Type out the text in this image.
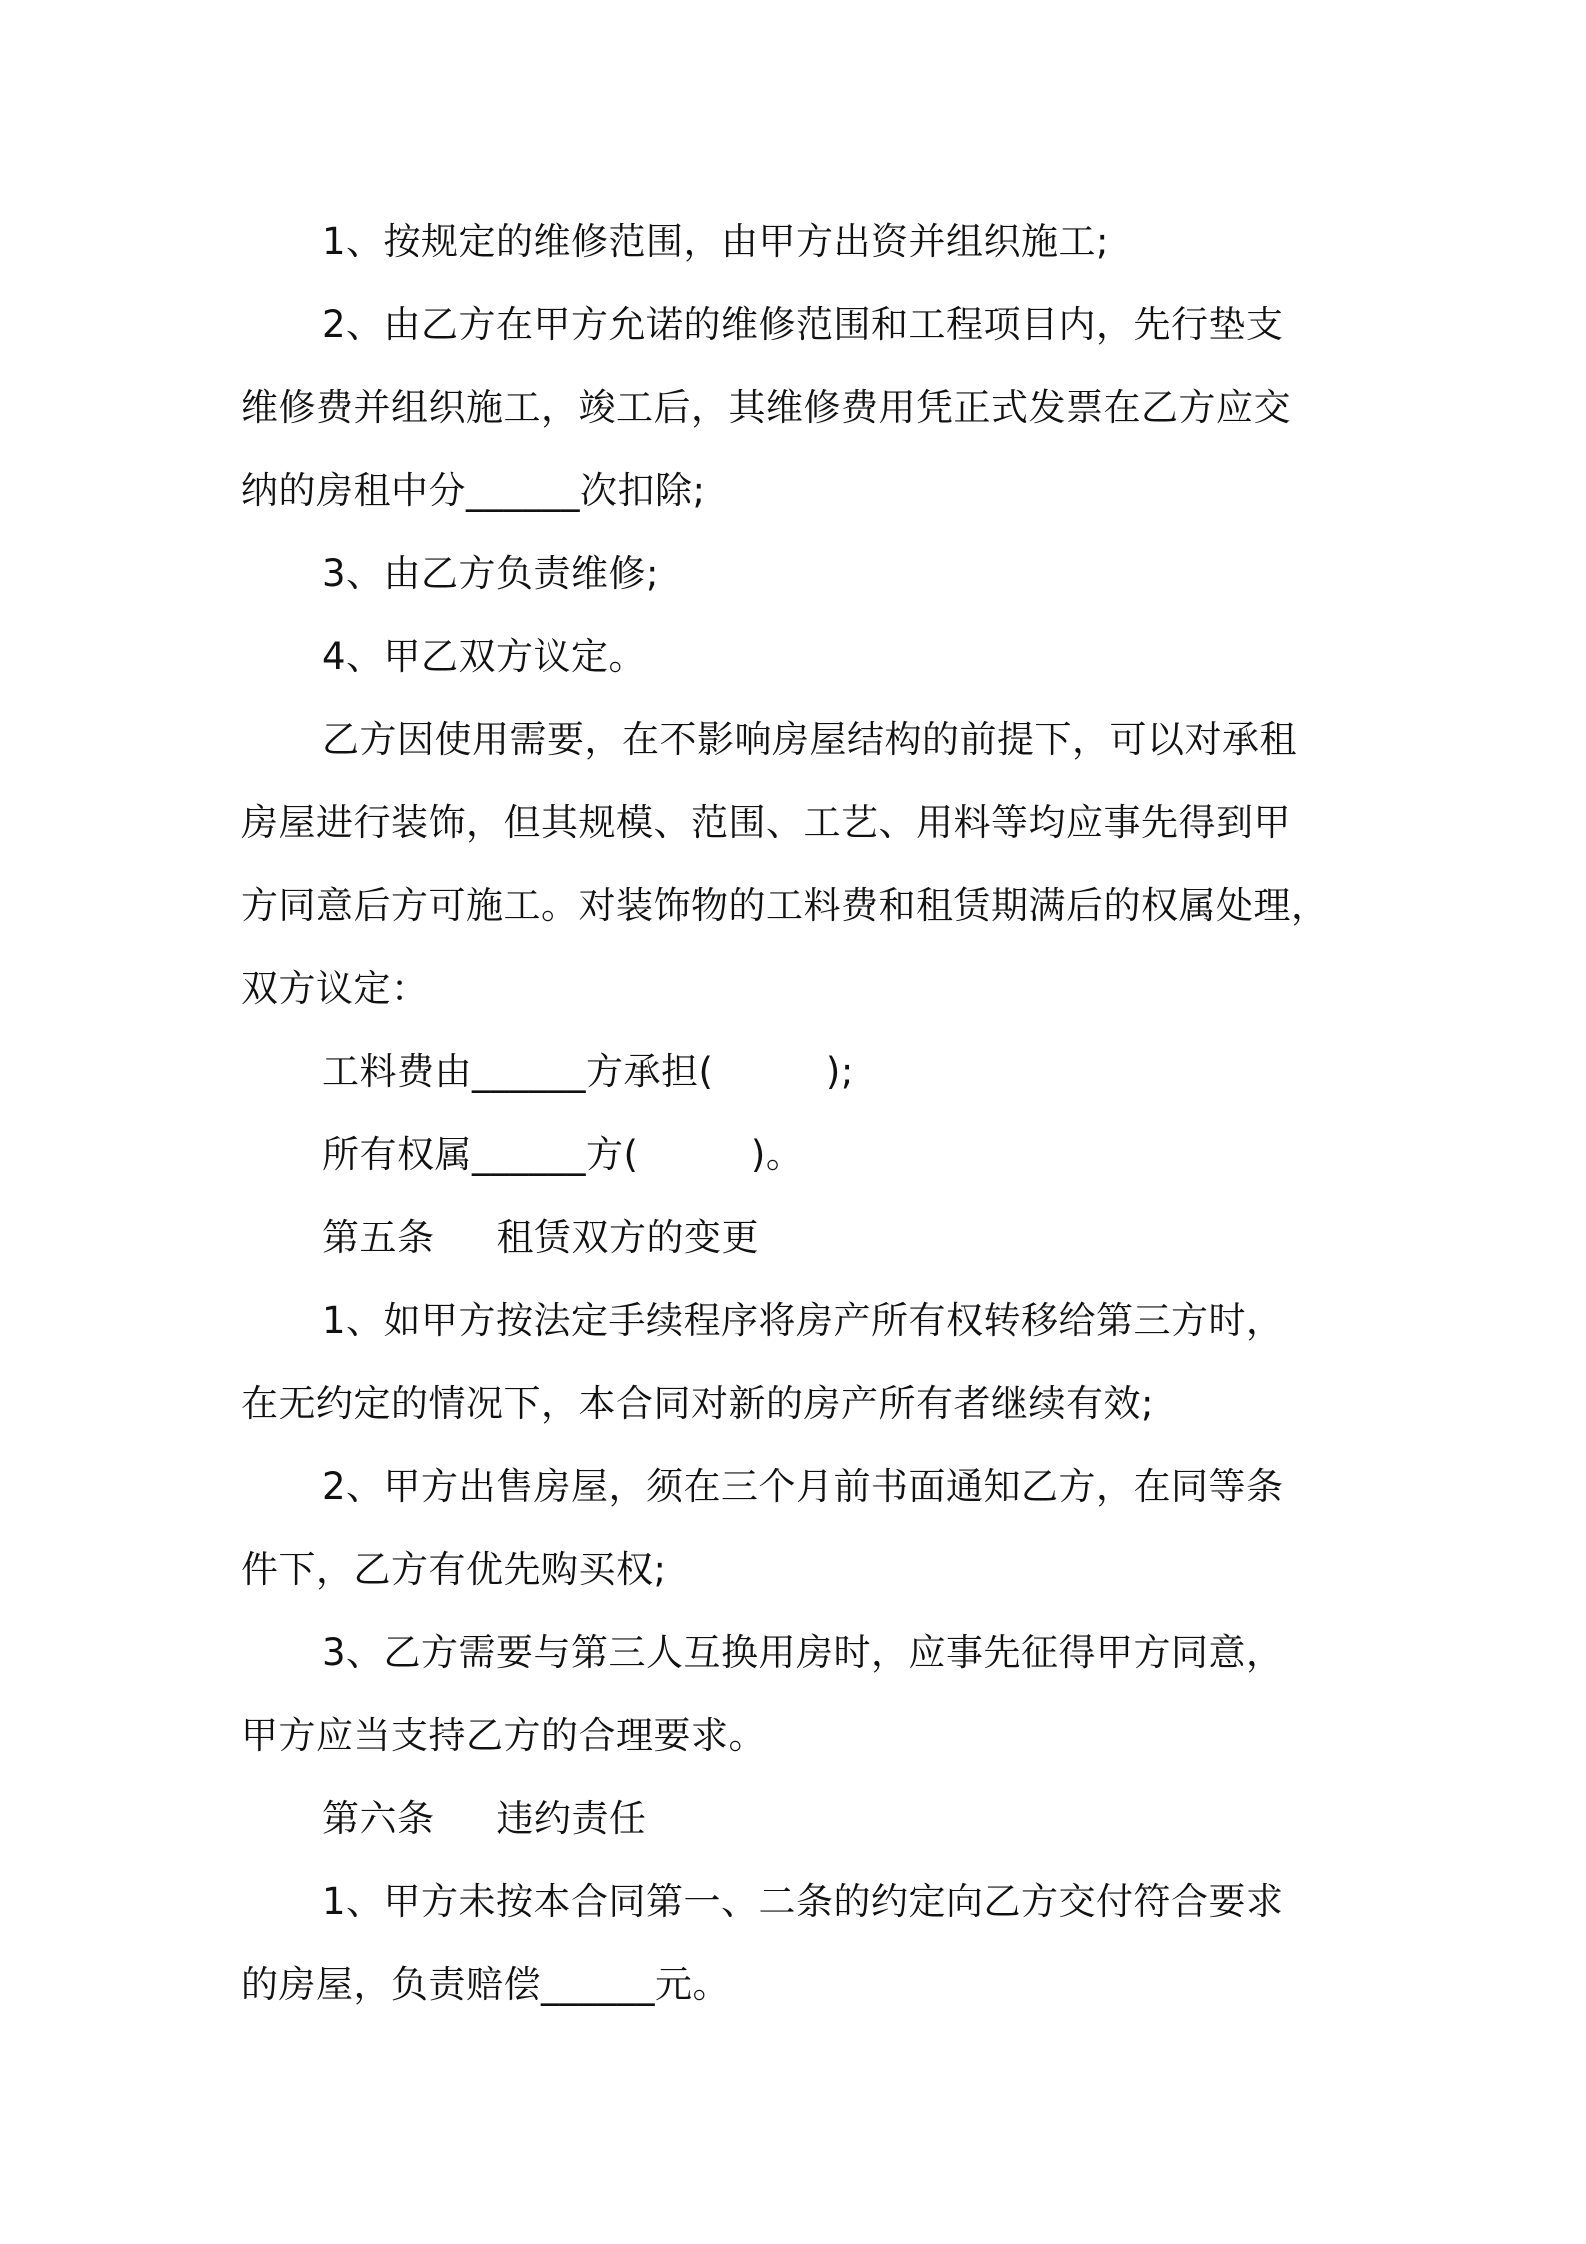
1、按规定的维修范围，由甲方出资并组织施工;
2、由乙方在甲方允诺的维修范围和工程项目内，先行垫支
维修费并组织施工，竣工后，其维修费用凭正式发票在乙方应交
纳的房租中分______次扣除;
3、由乙方负责维修;
4、甲乙双方议定。
乙方因使用需要，在不影响房屋结构的前提下，可以对承租
房屋进行装饰，但其规模、范围、工艺、用料等均应事先得到甲
方同意后方可施工。对装饰物的工料费和租赁期满后的权属处理，
双方议定：
工料费由______方承担(　　　);
所有权属______方(　　　)。
第五条 租赁双方的变更
1、如甲方按法定手续程序将房产所有权转移给第三方时，
在无约定的情况下，本合同对新的房产所有者继续有效;
2、甲方出售房屋，须在三个月前书面通知乙方，在同等条
件下，乙方有优先购买权;
3、乙方需要与第三人互换用房时，应事先征得甲方同意，
甲方应当支持乙方的合理要求。
第六条 违约责任
1、甲方未按本合同第一、二条的约定向乙方交付符合要求
的房屋，负责赔偿______元。
